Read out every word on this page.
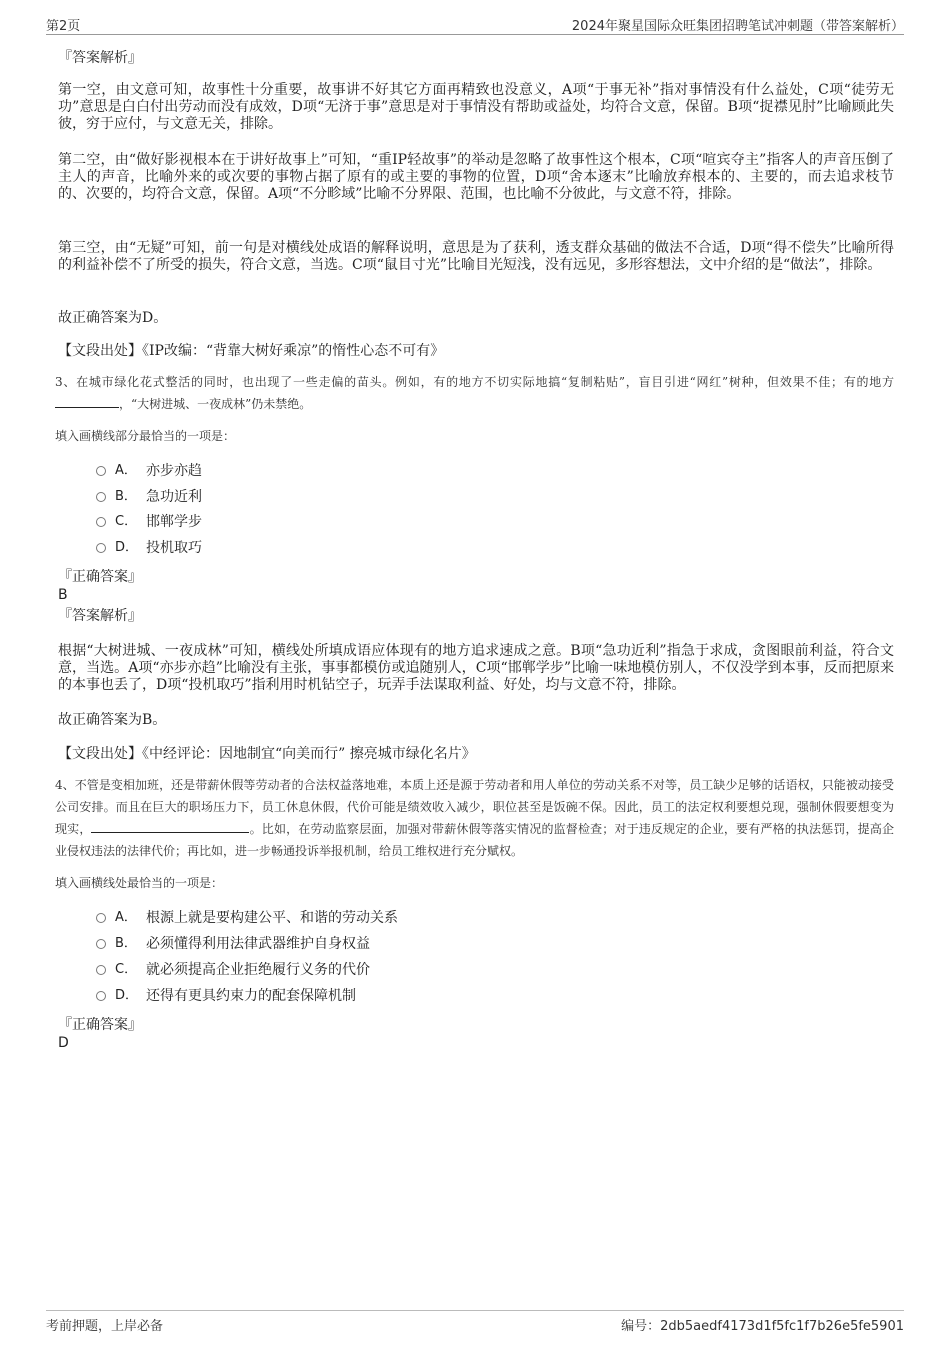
第2页	2024年聚星国际众旺集团招聘笔试冲刺题（带答案解析）
『答案解析』
第一空，由文意可知，故事性十分重要，故事讲不好其它方面再精致也没意义，A项“于事无补”指对事情没有什么益处，C项“徒劳无功”意思是白白付出劳动而没有成效，D项“无济于事”意思是对于事情没有帮助或益处，均符合文意，保留。B项“捉襟见肘”比喻顾此失彼，穷于应付，与文意无关，排除。
第二空，由“做好影视根本在于讲好故事上”可知，“重IP轻故事”的举动是忽略了故事性这个根本，C项“喧宾夺主”指客人的声音压倒了主人的声音，比喻外来的或次要的事物占据了原有的或主要的事物的位置，D项“舍本逐末”比喻放弃根本的、主要的，而去追求枝节的、次要的，均符合文意，保留。A项“不分畛域”比喻不分界限、范围，也比喻不分彼此，与文意不符，排除。
第三空，由“无疑”可知，前一句是对横线处成语的解释说明，意思是为了获利，透支群众基础的做法不合适，D项“得不偿失”比喻所得的利益补偿不了所受的损失，符合文意，当选。C项“鼠目寸光”比喻目光短浅，没有远见，多形容想法，文中介绍的是“做法”，排除。
故正确答案为D。
【文段出处】《IP改编：“背靠大树好乘凉”的惰性心态不可有》
3、在城市绿化花式整活的同时，也出现了一些走偏的苗头。例如，有的地方不切实际地搞“复制粘贴”，盲目引进“网红”树种，但效果不佳；有的地方，“大树进城、一夜成林”仍未禁绝。
填入画横线部分最恰当的一项是：
A． 亦步亦趋
B． 急功近利
C． 邯郸学步
D． 投机取巧
『正确答案』
B
『答案解析』
根据“大树进城、一夜成林”可知，横线处所填成语应体现有的地方追求速成之意。B项“急功近利”指急于求成，贪图眼前利益，符合文意，当选。A项“亦步亦趋”比喻没有主张，事事都模仿或追随别人，C项“邯郸学步”比喻一味地模仿别人，不仅没学到本事，反而把原来的本事也丢了，D项“投机取巧”指利用时机钻空子，玩弄手法谋取利益、好处，均与文意不符，排除。
故正确答案为B。
【文段出处】《中经评论：因地制宜“向美而行” 擦亮城市绿化名片》
4、不管是变相加班，还是带薪休假等劳动者的合法权益落地难，本质上还是源于劳动者和用人单位的劳动关系不对等，员工缺少足够的话语权，只能被动接受公司安排。而且在巨大的职场压力下，员工休息休假，代价可能是绩效收入减少，职位甚至是饭碗不保。因此，员工的法定权利要想兑现，强制休假要想变为现实，	。比如，在劳动监察层面，加强对带薪休假等落实情况的监督检查；对于违反规定的企业，要有严格的执法惩罚，提高企业侵权违法的法律代价；再比如，进一步畅通投诉举报机制，给员工维权进行充分赋权。
填入画横线处最恰当的一项是：
A． 根源上就是要构建公平、和谐的劳动关系
B． 必须懂得利用法律武器维护自身权益
C． 就必须提高企业拒绝履行义务的代价
D． 还得有更具约束力的配套保障机制
『正确答案』
D
考前押题，上岸必备	编号：2db5aedf4173d1f5fc1f7b26e5fe5901
